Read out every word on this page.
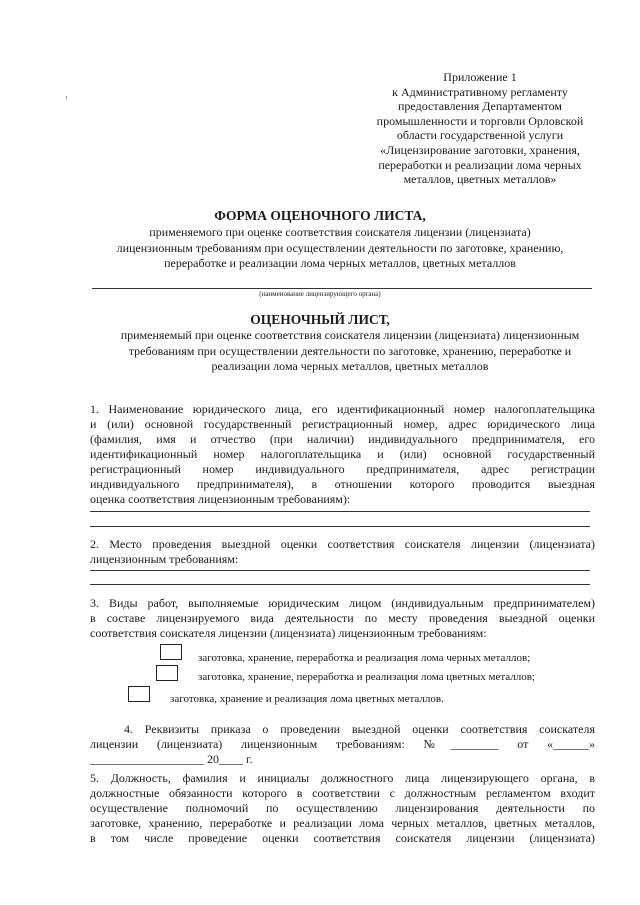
Приложение 1
к Административному регламенту
предоставления Департаментом
промышленности и торговли Орловской
области государственной услуги
«Лицензирование заготовки, хранения,
переработки и реализации лома черных
металлов, цветных металлов»
ФОРМА ОЦЕНОЧНОГО ЛИСТА,
применяемого при оценке соответствия соискателя лицензии (лицензиата)
лицензионным требованиям при осуществлении деятельности по заготовке, хранению,
переработке и реализации лома черных металлов, цветных металлов
(наименование лицензирующего органа)
ОЦЕНОЧНЫЙ ЛИСТ,
применяемый при оценке соответствия соискателя лицензии (лицензиата) лицензионным
требованиям при осуществлении деятельности по заготовке, хранению, переработке и
реализации лома черных металлов, цветных металлов
1. Наименование юридического лица, его идентификационный номер налогоплательщика
и (или) основной государственный регистрационный номер, адрес юридического лица
(фамилия, имя и отчество (при наличии) индивидуального предпринимателя, его
идентификационный номер налогоплательщика и (или) основной государственный
регистрационный номер индивидуального предпринимателя, адрес регистрации
индивидуального предпринимателя), в отношении которого проводится выездная
оценка соответствия лицензионным требованиям):
2. Место проведения выездной оценки соответствия соискателя лицензии (лицензиата)
лицензионным требованиям:
3. Виды работ, выполняемые юридическим лицом (индивидуальным предпринимателем)
в составе лицензируемого вида деятельности по месту проведения выездной оценки
соответствия соискателя лицензии (лицензиата) лицензионным требованиям:
заготовка, хранение, переработка и реализация лома черных металлов;
заготовка, хранение, переработка и реализация лома цветных металлов;
заготовка, хранение и реализация лома цветных металлов.
4. Реквизиты приказа о проведении выездной оценки соответствия соискателя
лицензии (лицензиата) лицензионным требованиям: №________ от «______»
___________________ 20____ г.
5. Должность, фамилия и инициалы должностного лица лицензирующего органа, в
должностные обязанности которого в соответствии с должностным регламентом входит
осуществление полномочий по осуществлению лицензирования деятельности по
заготовке, хранению, переработке и реализации лома черных металлов, цветных металлов,
в том числе проведение оценки соответствия соискателя лицензии (лицензиата)
